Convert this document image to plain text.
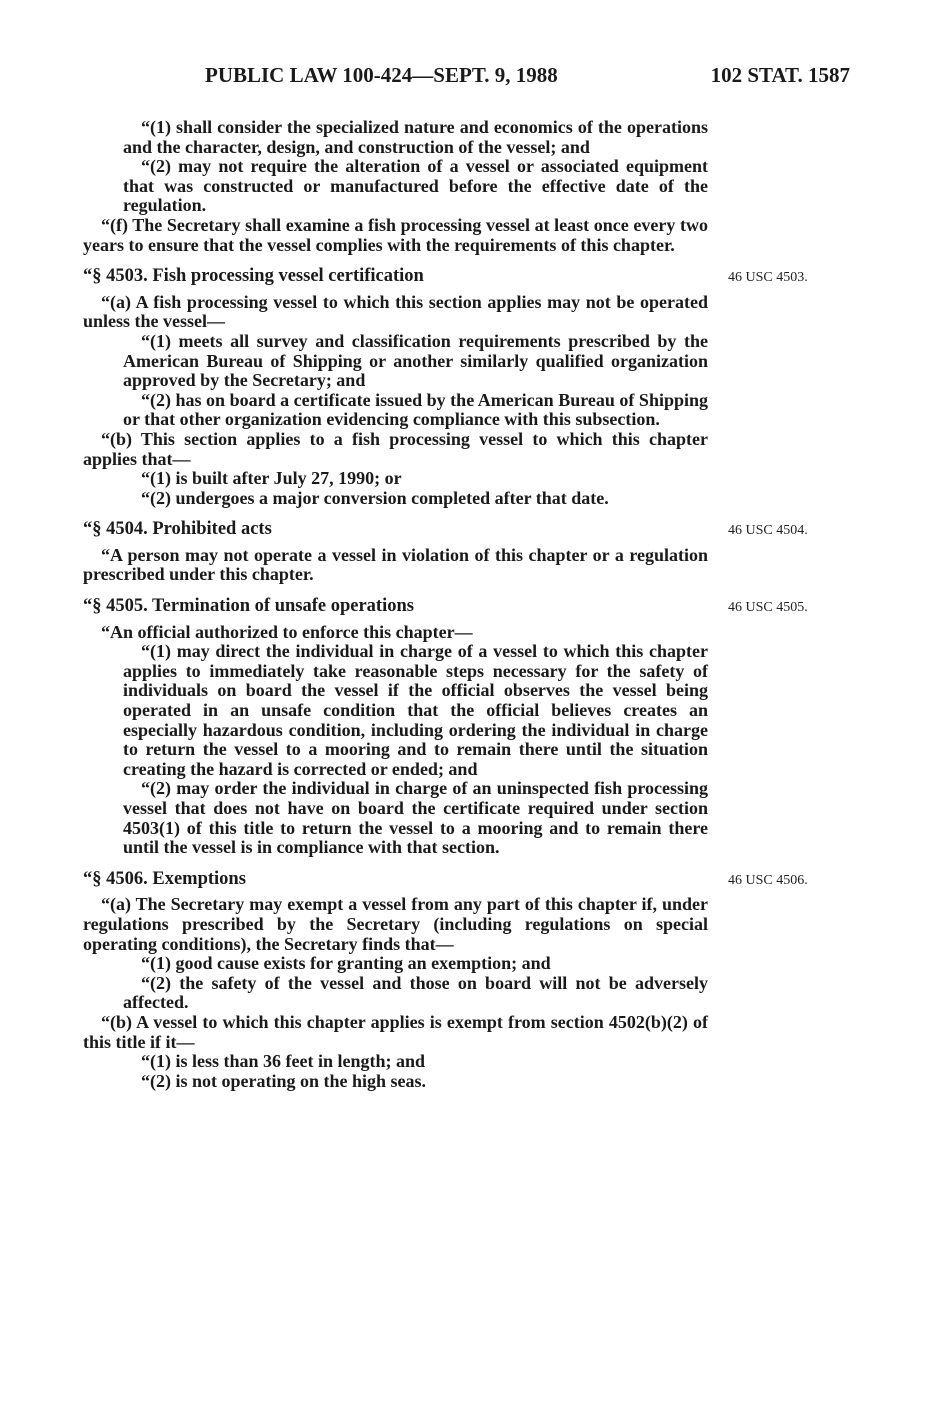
PUBLIC LAW 100-424—SEPT. 9, 1988	102 STAT. 1587

“(1) shall consider the specialized nature and economics of the operations and the character, design, and construction of the vessel; and

“(2) may not require the alteration of a vessel or associated equipment that was constructed or manufactured before the effective date of the regulation.

“(f) The Secretary shall examine a fish processing vessel at least once every two years to ensure that the vessel complies with the requirements of this chapter.

“§ 4503. Fish processing vessel certification

“(a) A fish processing vessel to which this section applies may not be operated unless the vessel—

“(1) meets all survey and classification requirements prescribed by the American Bureau of Shipping or another similarly qualified organization approved by the Secretary; and

“(2) has on board a certificate issued by the American Bureau of Shipping or that other organization evidencing compliance with this subsection.

“(b) This section applies to a fish processing vessel to which this chapter applies that—

“(1) is built after July 27, 1990; or

“(2) undergoes a major conversion completed after that date.

“§ 4504. Prohibited acts

“A person may not operate a vessel in violation of this chapter or a regulation prescribed under this chapter.

“§ 4505. Termination of unsafe operations

“An official authorized to enforce this chapter—

“(1) may direct the individual in charge of a vessel to which this chapter applies to immediately take reasonable steps necessary for the safety of individuals on board the vessel if the official observes the vessel being operated in an unsafe condition that the official believes creates an especially hazardous condition, including ordering the individual in charge to return the vessel to a mooring and to remain there until the situation creating the hazard is corrected or ended; and

“(2) may order the individual in charge of an uninspected fish processing vessel that does not have on board the certificate required under section 4503(1) of this title to return the vessel to a mooring and to remain there until the vessel is in compliance with that section.

“§ 4506. Exemptions

“(a) The Secretary may exempt a vessel from any part of this chapter if, under regulations prescribed by the Secretary (including regulations on special operating conditions), the Secretary finds that—

“(1) good cause exists for granting an exemption; and

“(2) the safety of the vessel and those on board will not be adversely affected.

“(b) A vessel to which this chapter applies is exempt from section 4502(b)(2) of this title if it—

“(1) is less than 36 feet in length; and

“(2) is not operating on the high seas.

46 USC 4503.
46 USC 4504.
46 USC 4505.
46 USC 4506.
